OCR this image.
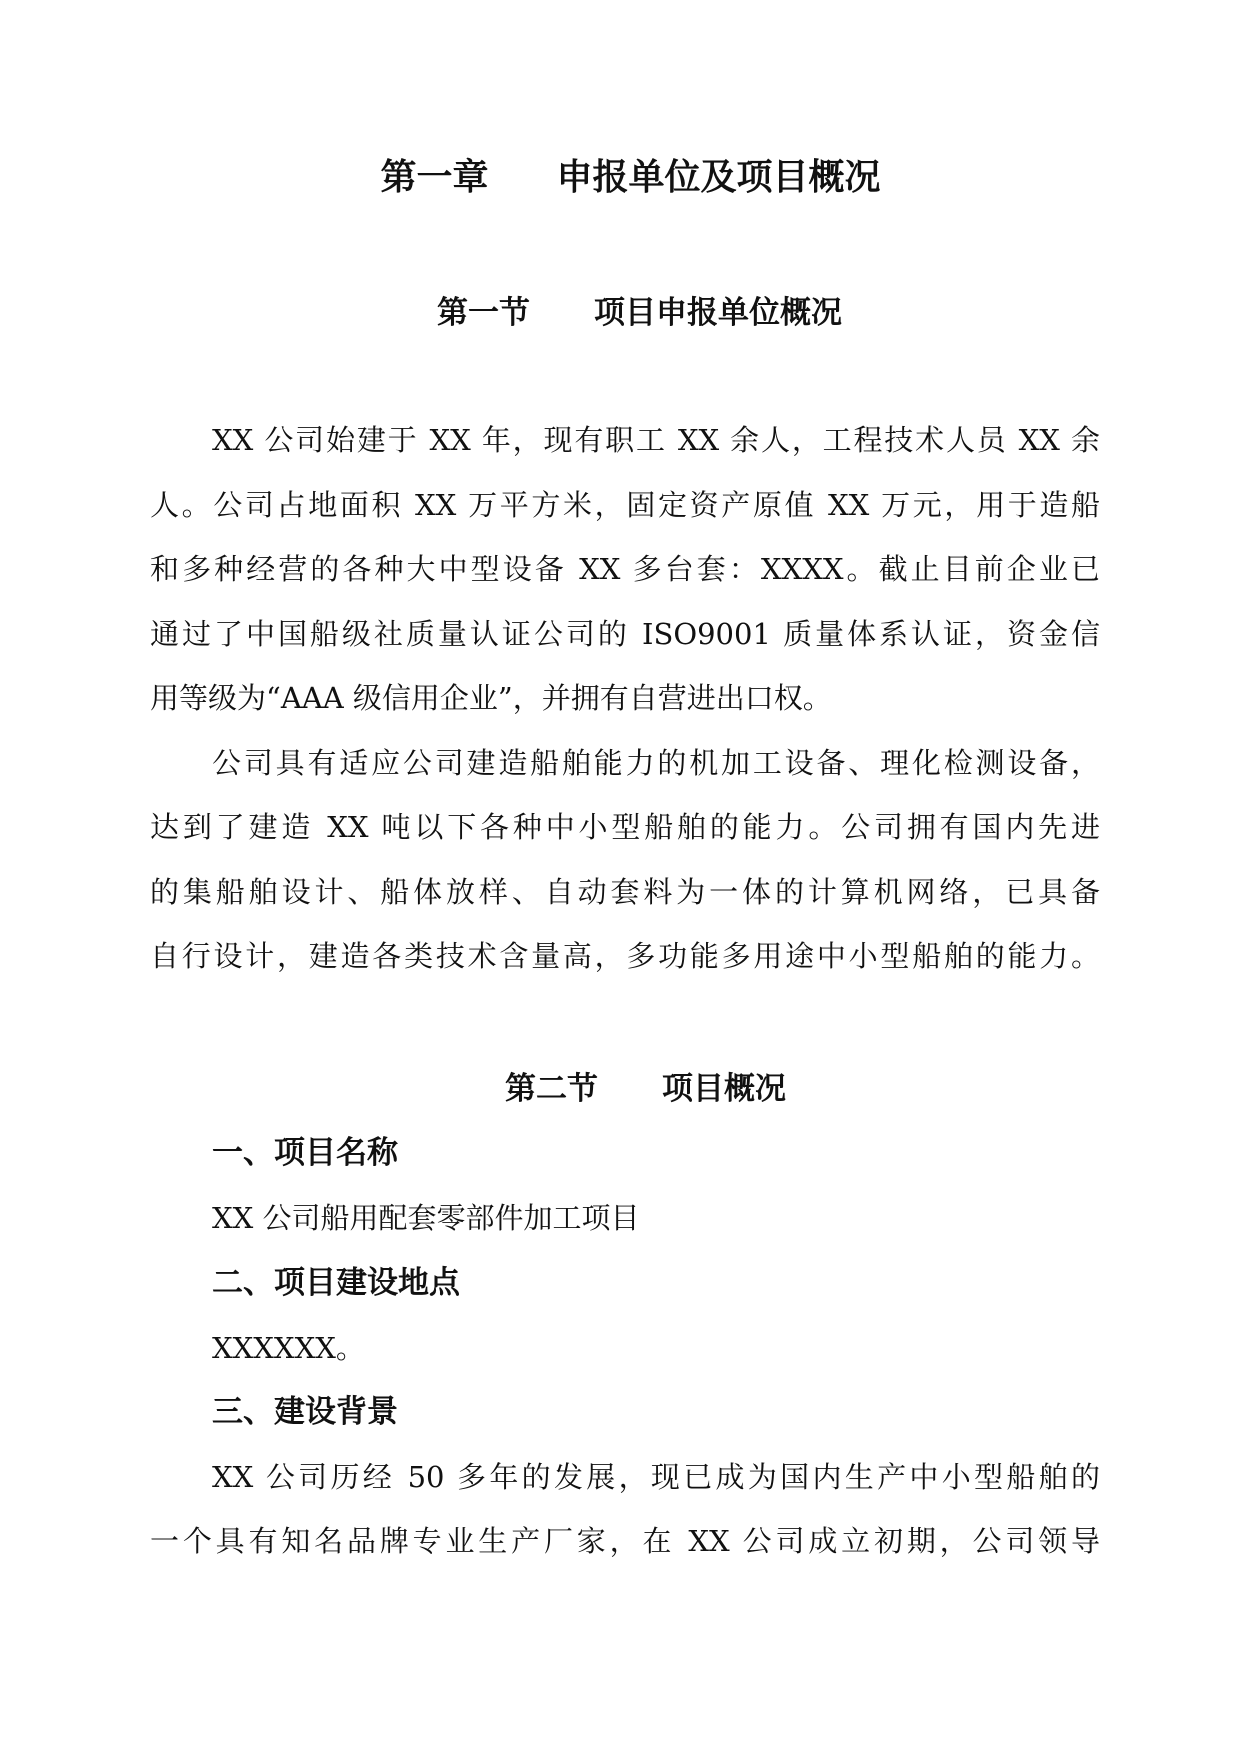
第一章 申报单位及项目概况
第一节 项目申报单位概况
XX 公司始建于 XX 年，现有职工 XX 余人，工程技术人员 XX 余
人。公司占地面积 XX 万平方米，固定资产原值 XX 万元，用于造船
和多种经营的各种大中型设备 XX 多台套：XXXX。截止目前企业已
通过了中国船级社质量认证公司的 ISO9001 质量体系认证，资金信
用等级为“AAA 级信用企业”，并拥有自营进出口权。
公司具有适应公司建造船舶能力的机加工设备、理化检测设备，
达到了建造 XX 吨以下各种中小型船舶的能力。公司拥有国内先进
的集船舶设计、船体放样、自动套料为一体的计算机网络，已具备
自行设计，建造各类技术含量高，多功能多用途中小型船舶的能力。
第二节 项目概况
一、项目名称
XX 公司船用配套零部件加工项目
二、项目建设地点
XXXXXX。
三、建设背景
XX 公司历经 50 多年的发展，现已成为国内生产中小型船舶的
一个具有知名品牌专业生产厂家，在 XX 公司成立初期，公司领导
